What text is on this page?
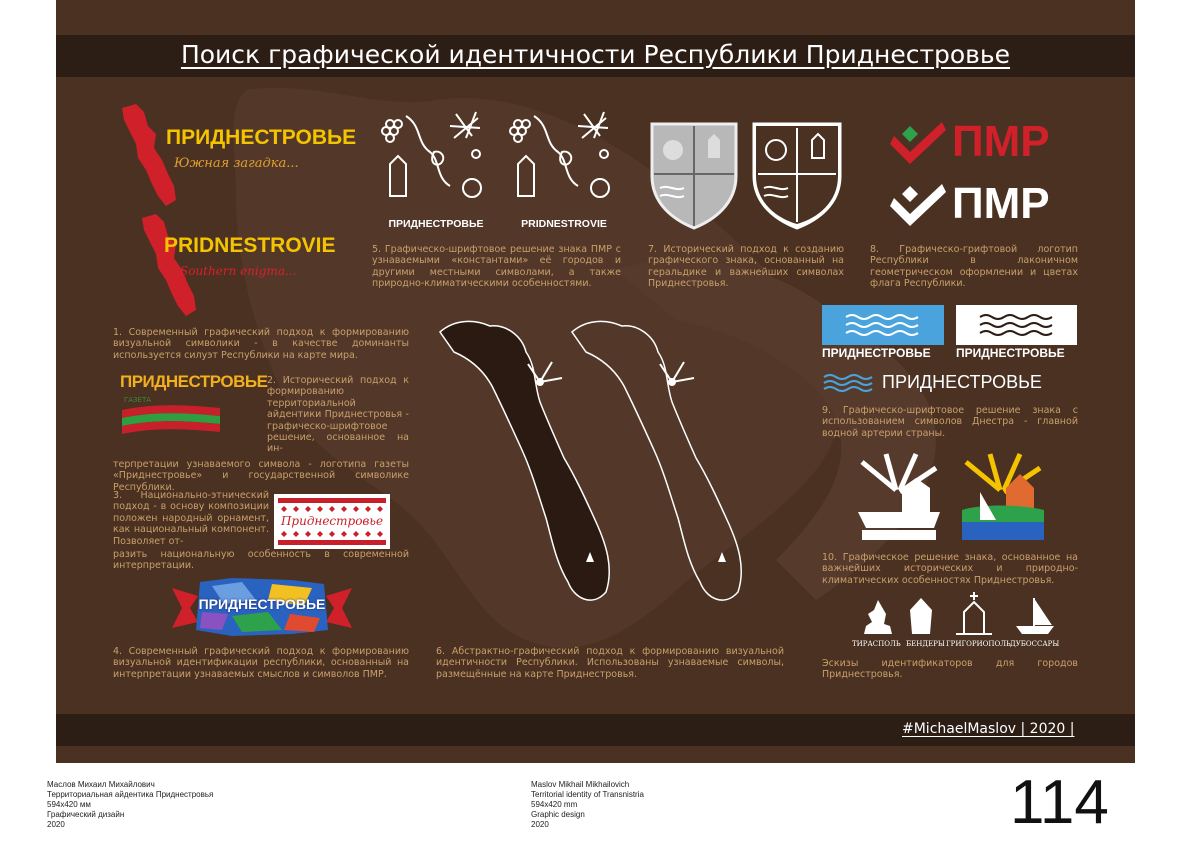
Поиск графической идентичности Республики Приднестровье
ПРИДНЕСТРОВЬЕ
Южная загадка...
PRIDNESTROVIE
Southern enigma...
1. Современный графический подход к формированию визуальной символики - в качестве доминанты используется силуэт Республики на карте мира.
ПРИДНЕСТРОВЬЕ
ГАЗЕТА
2. Исторический подход к формированию территориальной айдентики Приднестровья - графическо-шрифтовое решение, основанное на ин-
терпретации узнаваемого символа - логотипа газеты «Приднестровье» и государственной символике Республики.
3. Национально-этнический подход - в основу композиции положен народный орнамент, как национальный компонент. Позволяет от-
Приднестровье
разить национальную особенность в современной интерпретации.
ПРИДНЕСТРОВЬЕ
4. Современный графический подход к формированию визуальной идентификации республики, основанный на интерпретации узнаваемых смыслов и символов ПМР.
ПРИДНЕСТРОВЬЕ	PRIDNESTROVIE
5. Графическо-шрифтовое решение знака ПМР с узнаваемыми «константами» её городов и другими местными символами, а также природно-климатическими особенностями.
7. Исторический подход к созданию графического знака, основанный на геральдике и важнейших символах Приднестровья.
ПМР
ПМР
8. Графическо-грифтовой логотип Республики в лаконичном геометрическом оформлении и цветах флага Республики.
6. Абстрактно-графический подход к формированию визуальной идентичности Республики. Использованы узнаваемые символы, размещённые на карте Приднестровья.
ПРИДНЕСТРОВЬЕ ПРИДНЕСТРОВЬЕ
ПРИДНЕСТРОВЬЕ
9. Графическо-шрифтовое решение знака с использованием символов Днестра - главной водной артерии страны.
10. Графическое решение знака, основанное на важнейших исторических и природно-климатических особенностях Приднестровья.
ТИРАСПОЛЬ БЕНДЕРЫ ГРИГОРИОПОЛЬ ДУБОССАРЫ
Эскизы идентификаторов для городов Приднестровья.
#MichaelMaslov | 2020 |
Маслов Михаил Михайлович
Территориальная айдентика Приднестровья
594x420 мм
Графический дизайн
2020
Maslov Mikhail Mikhailovich
Territorial identity of Transnistria
594x420 mm
Graphic design
2020	114
